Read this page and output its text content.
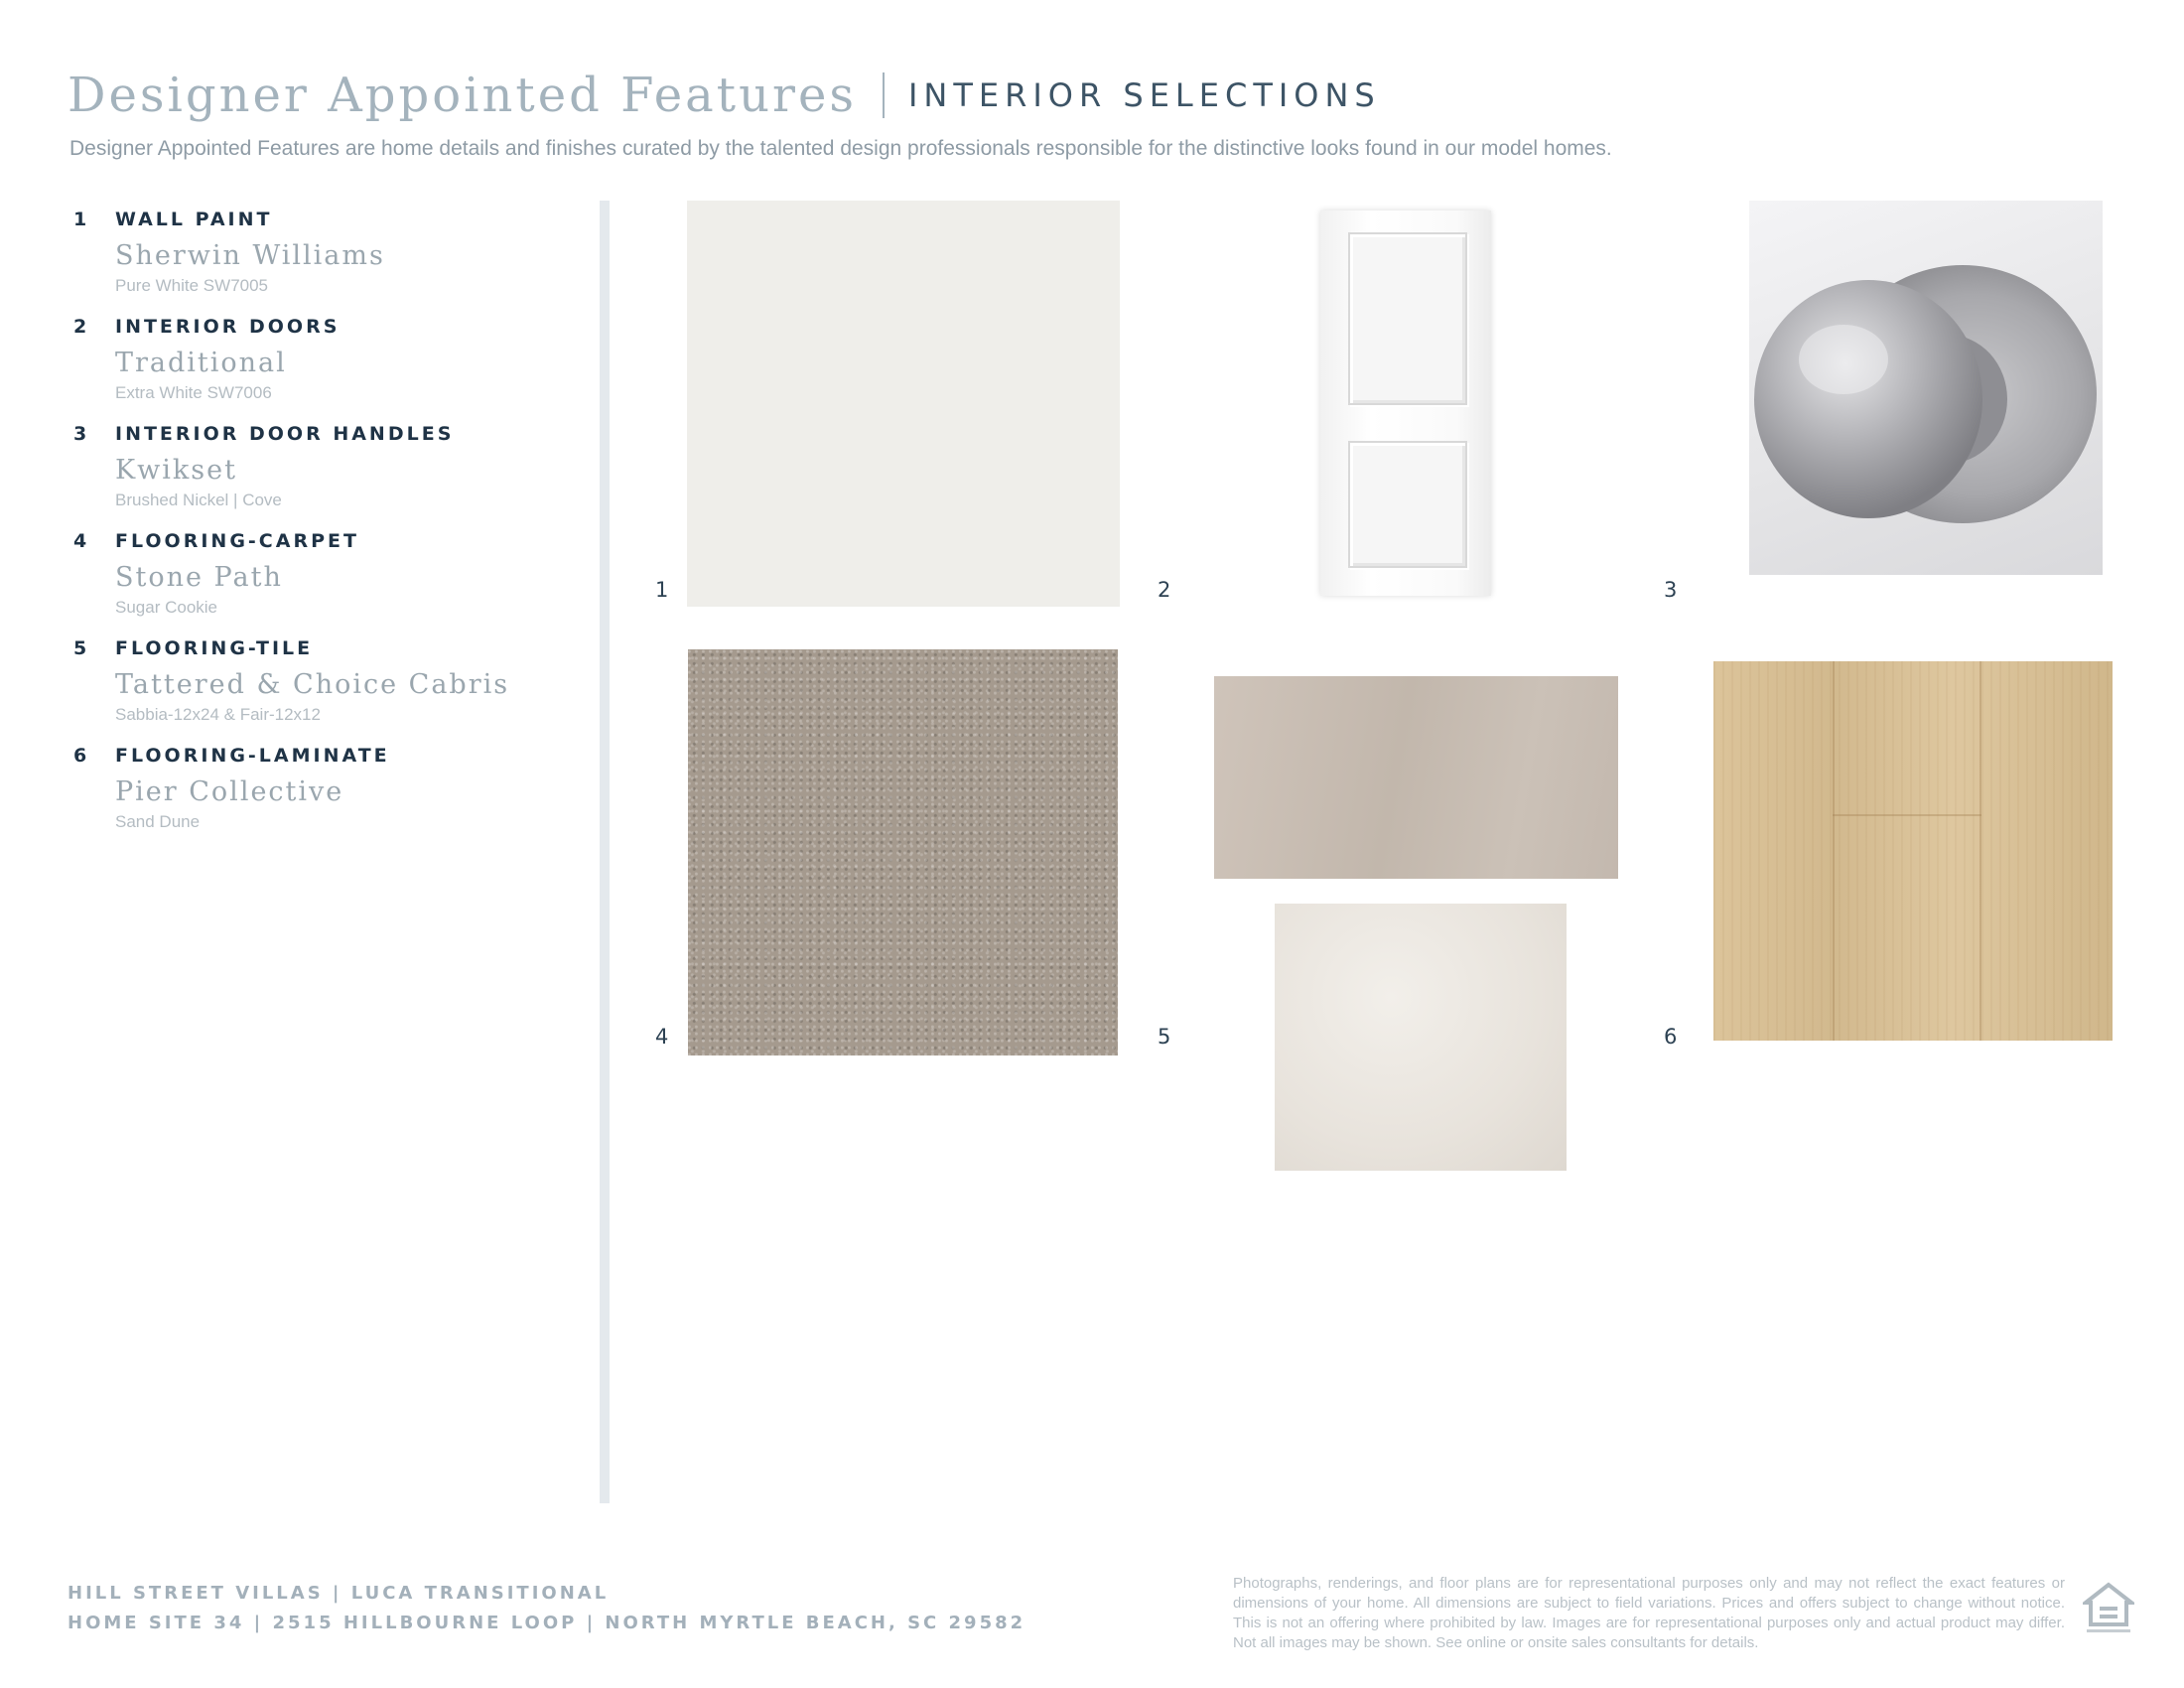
Designer Appointed Features INTERIOR SELECTIONS
Designer Appointed Features are home details and finishes curated by the talented design professionals responsible for the distinctive looks found in our model homes.
1 WALL PAINT
Sherwin Williams
Pure White SW7005
2 INTERIOR DOORS
Traditional
Extra White SW7006
3 INTERIOR DOOR HANDLES
Kwikset
Brushed Nickel | Cove
4 FLOORING-CARPET
Stone Path
Sugar Cookie
5 FLOORING-TILE
Tattered & Choice Cabris
Sabbia-12x24 & Fair-12x12
6 FLOORING-LAMINATE
Pier Collective
Sand Dune
1	2	3
4	5	6
HILL STREET VILLAS | LUCA TRANSITIONAL
HOME SITE 34 | 2515 HILLBOURNE LOOP | NORTH MYRTLE BEACH, SC 29582
Photographs, renderings, and floor plans are for representational purposes only and may not reflect the exact features or dimensions of your home. All dimensions are subject to field variations. Prices and offers subject to change without notice. This is not an offering where prohibited by law. Images are for representational purposes only and actual product may differ. Not all images may be shown. See online or onsite sales consultants for details.
